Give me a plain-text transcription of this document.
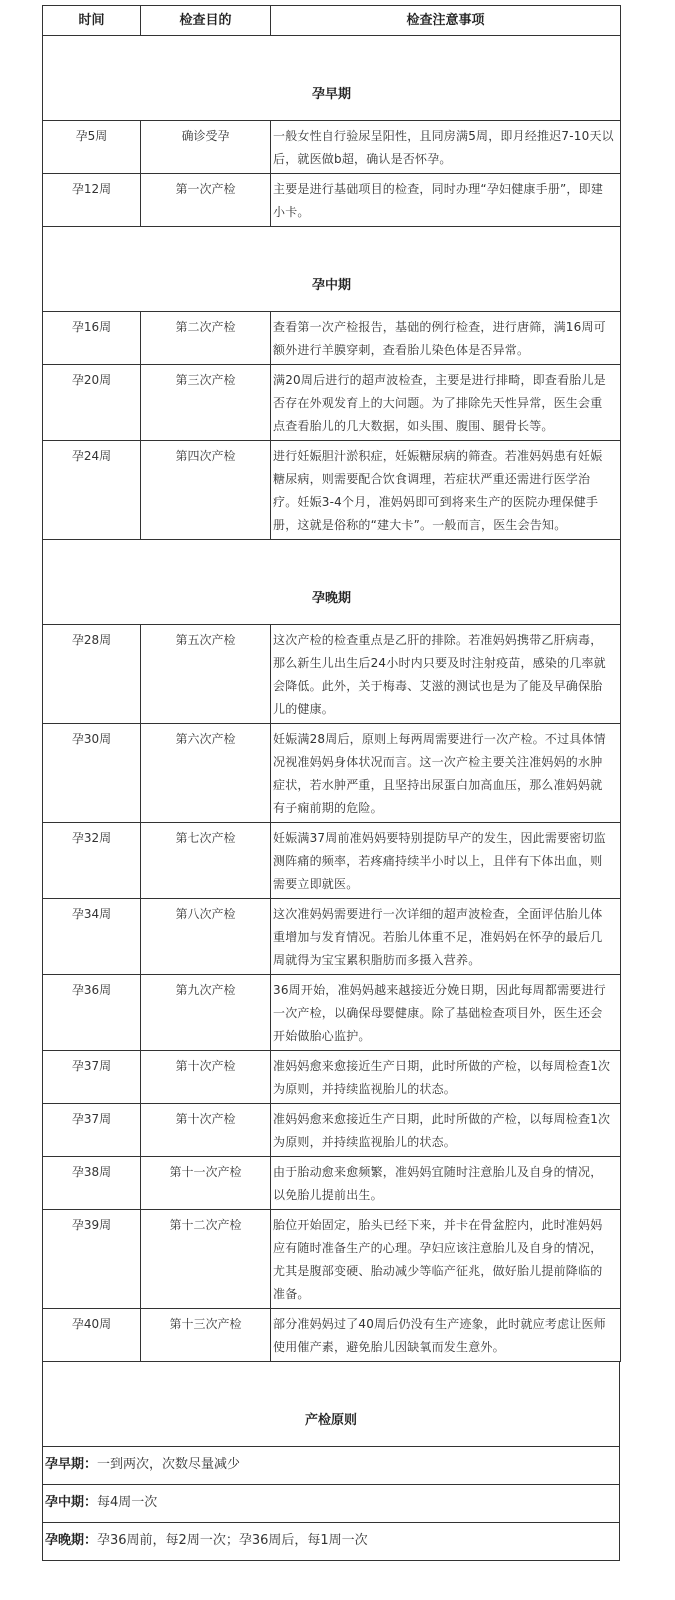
时间	检查目的	检查注意事项
孕早期		
孕5周	确诊受孕	一般女性自行验尿呈阳性，且同房满5周，即月经推迟7-10天以后，就医做b超，确认是否怀孕。
孕12周	第一次产检	主要是进行基础项目的检查，同时办理“孕妇健康手册”，即建小卡。
孕中期		
孕16周	第二次产检	查看第一次产检报告，基础的例行检查，进行唐筛，满16周可额外进行羊膜穿刺，查看胎儿染色体是否异常。
孕20周	第三次产检	满20周后进行的超声波检查，主要是进行排畸，即查看胎儿是否存在外观发育上的大问题。为了排除先天性异常，医生会重点查看胎儿的几大数据，如头围、腹围、腿骨长等。
孕24周	第四次产检	进行妊娠胆汁淤积症，妊娠糖尿病的筛查。若准妈妈患有妊娠糖尿病，则需要配合饮食调理，若症状严重还需进行医学治疗。妊娠3-4个月，准妈妈即可到将来生产的医院办理保健手册，这就是俗称的“建大卡”。一般而言，医生会告知。
孕晚期		
孕28周	第五次产检	这次产检的检查重点是乙肝的排除。若准妈妈携带乙肝病毒，那么新生儿出生后24小时内只要及时注射疫苗，感染的几率就会降低。此外，关于梅毒、艾滋的测试也是为了能及早确保胎儿的健康。
孕30周	第六次产检	妊娠满28周后，原则上每两周需要进行一次产检。不过具体情况视准妈妈身体状况而言。这一次产检主要关注准妈妈的水肿症状，若水肿严重，且坚持出尿蛋白加高血压，那么准妈妈就有子痫前期的危险。
孕32周	第七次产检	妊娠满37周前准妈妈要特别提防早产的发生，因此需要密切监测阵痛的频率，若疼痛持续半小时以上，且伴有下体出血，则需要立即就医。
孕34周	第八次产检	这次准妈妈需要进行一次详细的超声波检查，全面评估胎儿体重增加与发育情况。若胎儿体重不足，准妈妈在怀孕的最后几周就得为宝宝累积脂肪而多摄入营养。
孕36周	第九次产检	36周开始，准妈妈越来越接近分娩日期，因此每周都需要进行一次产检，以确保母婴健康。除了基础检查项目外，医生还会开始做胎心监护。
孕37周	第十次产检	准妈妈愈来愈接近生产日期，此时所做的产检，以每周检查1次为原则，并持续监视胎儿的状态。
孕37周	第十次产检	准妈妈愈来愈接近生产日期，此时所做的产检，以每周检查1次为原则，并持续监视胎儿的状态。
孕38周	第十一次产检	由于胎动愈来愈频繁，准妈妈宜随时注意胎儿及自身的情况，以免胎儿提前出生。
孕39周	第十二次产检	胎位开始固定，胎头已经下来，并卡在骨盆腔内，此时准妈妈应有随时准备生产的心理。孕妇应该注意胎儿及自身的情况，尤其是腹部变硬、胎动减少等临产征兆，做好胎儿提前降临的准备。
孕40周	第十三次产检	部分准妈妈过了40周后仍没有生产迹象，此时就应考虑让医师使用催产素，避免胎儿因缺氧而发生意外。
产检原则
孕早期：一到两次，次数尽量减少
孕中期：每4周一次
孕晚期：孕36周前，每2周一次；孕36周后，每1周一次
